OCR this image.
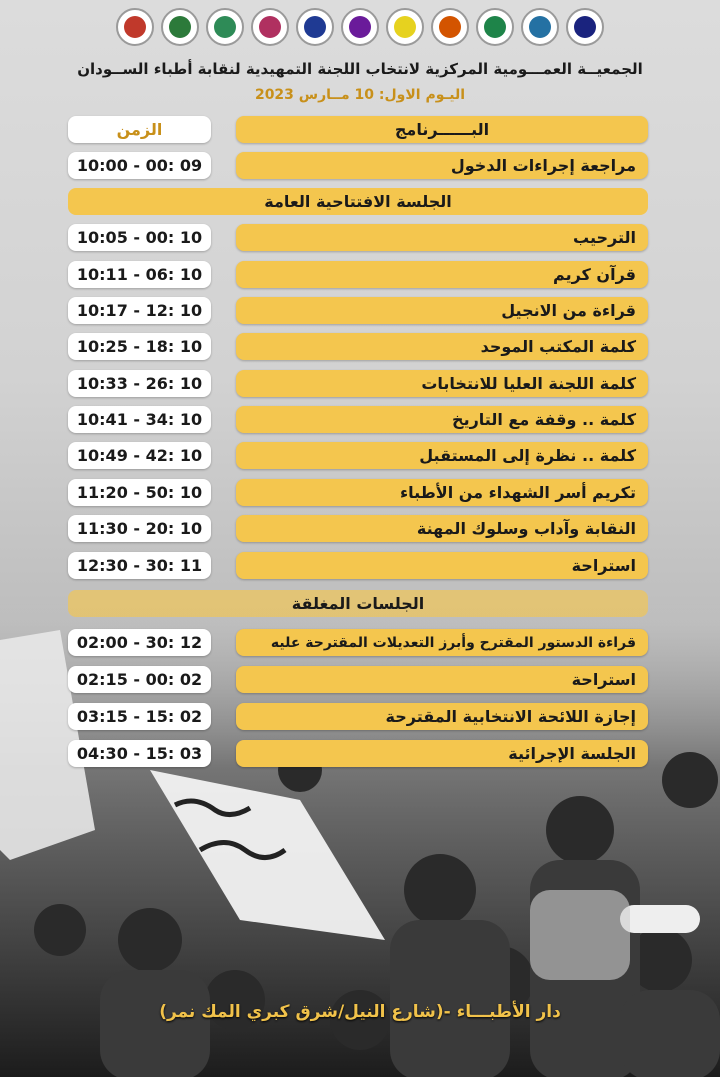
الجمعيــة العمـــومية المركزية لانتخاب اللجنة التمهيدية لنقابة أطباء الســودان
اليـوم الاول: 10 مــارس 2023
البــــــرنامج
الزمن
مراجعة إجراءات الدخول
09 :00 - 10:00
الجلسة الافتتاحية العامة
الترحيب
10 :00 - 10:05
قرآن كريم
10 :06 - 10:11
قراءة من الانجيل
10 :12 - 10:17
كلمة المكتب الموحد
10 :18 - 10:25
كلمة اللجنة العليا للانتخابات
10 :26 - 10:33
كلمة .. وقفة مع التاريخ
10 :34 - 10:41
كلمة .. نظرة إلى المستقبل
10 :42 - 10:49
تكريم أسر الشهداء من الأطباء
10 :50 - 11:20
النقابة وآداب وسلوك المهنة
10 :20 - 11:30
استراحة
11 :30 - 12:30
الجلسات المغلقة
قراءة الدستور المقترح وأبرز التعديلات المقترحة عليه
12 :30 - 02:00
استراحة
02 :00 - 02:15
إجازة اللائحة الانتخابية المقترحة
02 :15 - 03:15
الجلسة الإجرائية
03 :15 - 04:30
دار الأطبـــاء -(شارع النيل/شرق كبري المك نمر)
